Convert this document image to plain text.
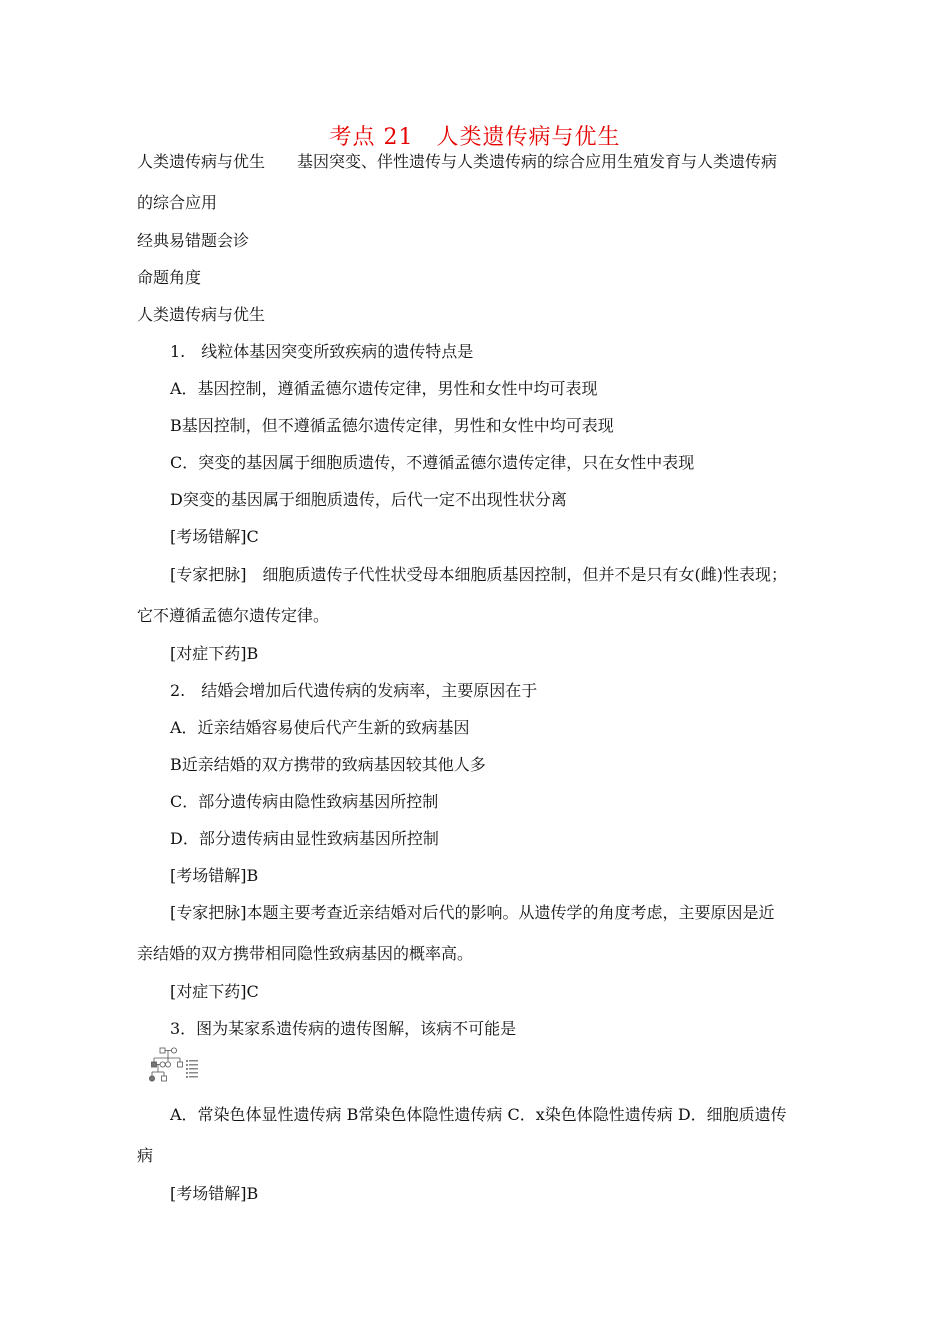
考点 21　人类遗传病与优生
人类遗传病与优生　　基因突变、伴性遗传与人类遗传病的综合应用生殖发育与人类遗传病
的综合应用
经典易错题会诊
命题角度
人类遗传病与优生
1.　线粒体基因突变所致疾病的遗传特点是
A．基因控制，遵循孟德尔遗传定律，男性和女性中均可表现
B基因控制，但不遵循孟德尔遗传定律，男性和女性中均可表现
C．突变的基因属于细胞质遗传，不遵循孟德尔遗传定律，只在女性中表现
D突变的基因属于细胞质遗传，后代一定不出现性状分离
[考场错解]C
[专家把脉]　细胞质遗传子代性状受母本细胞质基因控制，但并不是只有女(雌)性表现；
它不遵循孟德尔遗传定律。
[对症下药]B
2.　结婚会增加后代遗传病的发病率，主要原因在于
A．近亲结婚容易使后代产生新的致病基因
B近亲结婚的双方携带的致病基因较其他人多
C．部分遗传病由隐性致病基因所控制
D．部分遗传病由显性致病基因所控制
[考场错解]B
[专家把脉]本题主要考查近亲结婚对后代的影响。从遗传学的角度考虑，主要原因是近
亲结婚的双方携带相同隐性致病基因的概率高。
[对症下药]C
3．图为某家系遗传病的遗传图解，该病不可能是
A．常染色体显性遗传病 B常染色体隐性遗传病 C．x染色体隐性遗传病 D．细胞质遗传
病
[考场错解]B
